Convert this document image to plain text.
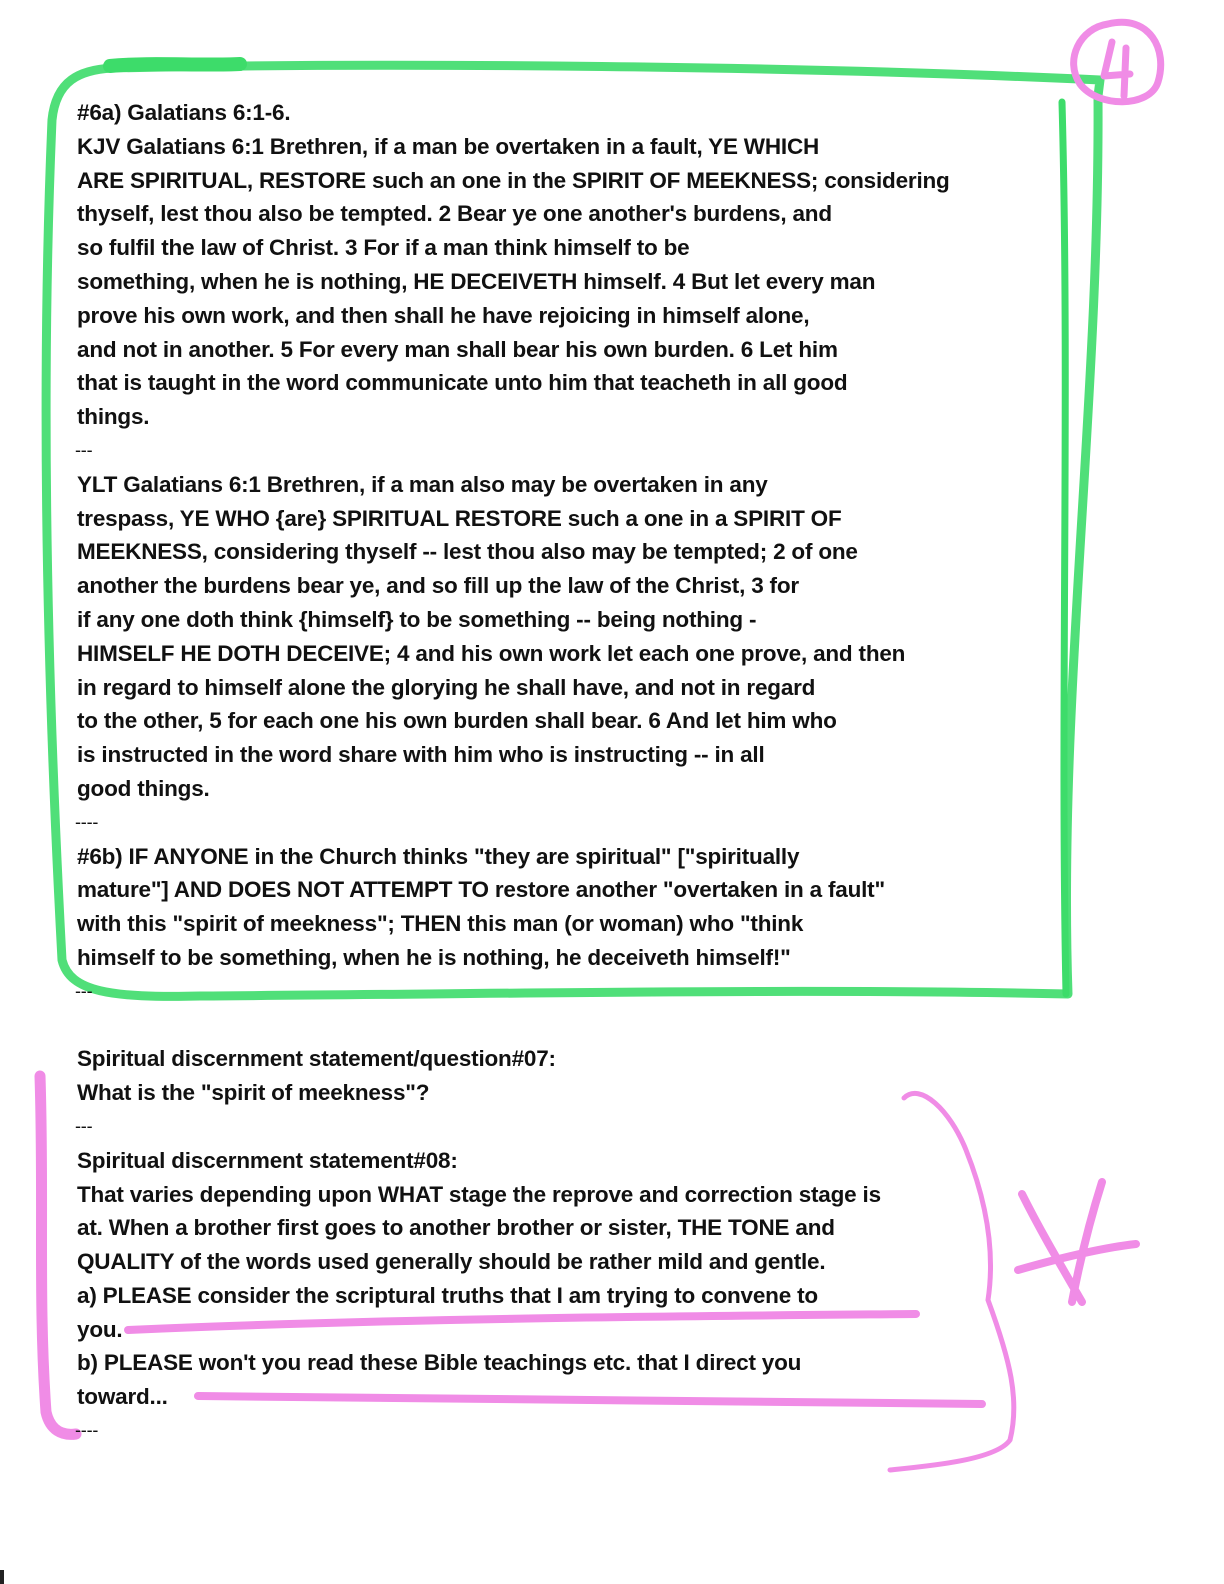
#6a) Galatians 6:1-6.
KJV Galatians 6:1 Brethren, if a man be overtaken in a fault, YE WHICH
ARE SPIRITUAL, RESTORE such an one in the SPIRIT OF MEEKNESS; considering
thyself, lest thou also be tempted. 2 Bear ye one another's burdens, and
so fulfil the law of Christ. 3 For if a man think himself to be
something, when he is nothing, HE DECEIVETH himself. 4 But let every man
prove his own work, and then shall he have rejoicing in himself alone,
and not in another. 5 For every man shall bear his own burden. 6 Let him
that is taught in the word communicate unto him that teacheth in all good
things.
---
YLT Galatians 6:1 Brethren, if a man also may be overtaken in any
trespass, YE WHO {are} SPIRITUAL RESTORE such a one in a SPIRIT OF
MEEKNESS, considering thyself -- lest thou also may be tempted; 2 of one
another the burdens bear ye, and so fill up the law of the Christ, 3 for
if any one doth think {himself} to be something -- being nothing -
HIMSELF HE DOTH DECEIVE; 4 and his own work let each one prove, and then
in regard to himself alone the glorying he shall have, and not in regard
to the other, 5 for each one his own burden shall bear. 6 And let him who
is instructed in the word share with him who is instructing -- in all
good things.
----
#6b) IF ANYONE in the Church thinks "they are spiritual" ["spiritually
mature"] AND DOES NOT ATTEMPT TO restore another "overtaken in a fault"
with this "spirit of meekness"; THEN this man (or woman) who "think
himself to be something, when he is nothing, he deceiveth himself!"
---
Spiritual discernment statement/question#07:
What is the "spirit of meekness"?
---
Spiritual discernment statement#08:
That varies depending upon WHAT stage the reprove and correction stage is
at. When a brother first goes to another brother or sister, THE TONE and
QUALITY of the words used generally should be rather mild and gentle.
a) PLEASE consider the scriptural truths that I am trying to convene to
you.
b) PLEASE won't you read these Bible teachings etc. that I direct you
toward...
----
